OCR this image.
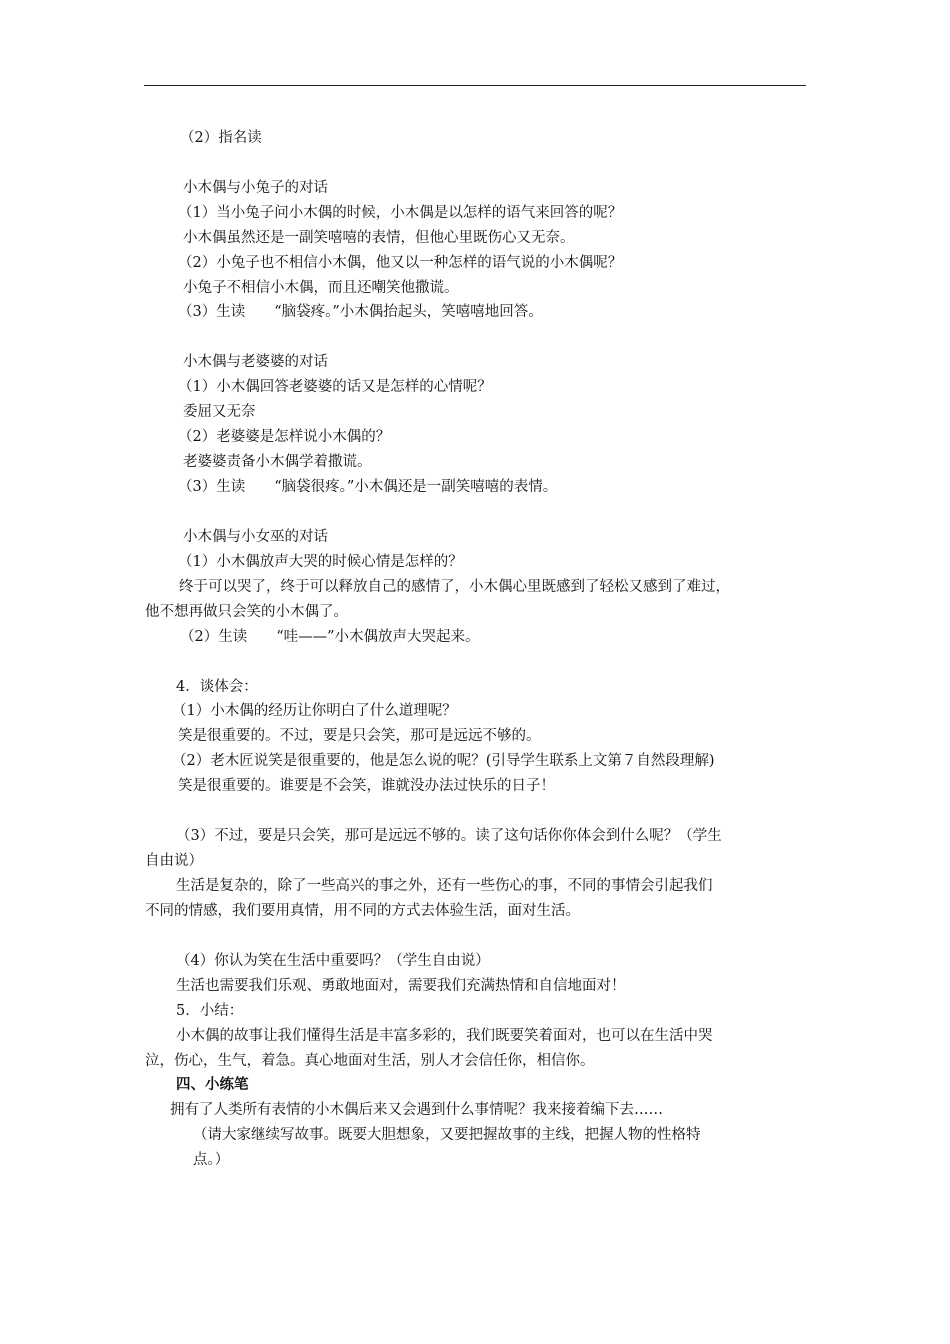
（2）指名读
小木偶与小兔子的对话
（1）当小兔子问小木偶的时候，小木偶是以怎样的语气来回答的呢？
小木偶虽然还是一副笑嘻嘻的表情，但他心里既伤心又无奈。
（2）小兔子也不相信小木偶，他又以一种怎样的语气说的小木偶呢？
小兔子不相信小木偶，而且还嘲笑他撒谎。
（3）生读　　“脑袋疼。”小木偶抬起头，笑嘻嘻地回答。
小木偶与老婆婆的对话
（1）小木偶回答老婆婆的话又是怎样的心情呢？
委屈又无奈
（2）老婆婆是怎样说小木偶的？
老婆婆责备小木偶学着撒谎。
（3）生读　　“脑袋很疼。”小木偶还是一副笑嘻嘻的表情。
小木偶与小女巫的对话
（1）小木偶放声大哭的时候心情是怎样的？
终于可以哭了，终于可以释放自己的感情了，小木偶心里既感到了轻松又感到了难过，
他不想再做只会笑的小木偶了。
（2）生读　　“哇——”小木偶放声大哭起来。
4．谈体会：
（1）小木偶的经历让你明白了什么道理呢？
笑是很重要的。不过，要是只会笑，那可是远远不够的。
（2）老木匠说笑是很重要的，他是怎么说的呢？(引导学生联系上文第７自然段理解)
笑是很重要的。谁要是不会笑，谁就没办法过快乐的日子！
（3）不过，要是只会笑，那可是远远不够的。读了这句话你你体会到什么呢？（学生
自由说）
生活是复杂的，除了一些高兴的事之外，还有一些伤心的事，不同的事情会引起我们
不同的情感，我们要用真情，用不同的方式去体验生活，面对生活。
（4）你认为笑在生活中重要吗？（学生自由说）
生活也需要我们乐观、勇敢地面对，需要我们充满热情和自信地面对！
5．小结：
小木偶的故事让我们懂得生活是丰富多彩的，我们既要笑着面对，也可以在生活中哭
泣，伤心，生气，着急。真心地面对生活，别人才会信任你，相信你。
四、小练笔
拥有了人类所有表情的小木偶后来又会遇到什么事情呢？我来接着编下去……
（请大家继续写故事。既要大胆想象，又要把握故事的主线，把握人物的性格特
点。）
